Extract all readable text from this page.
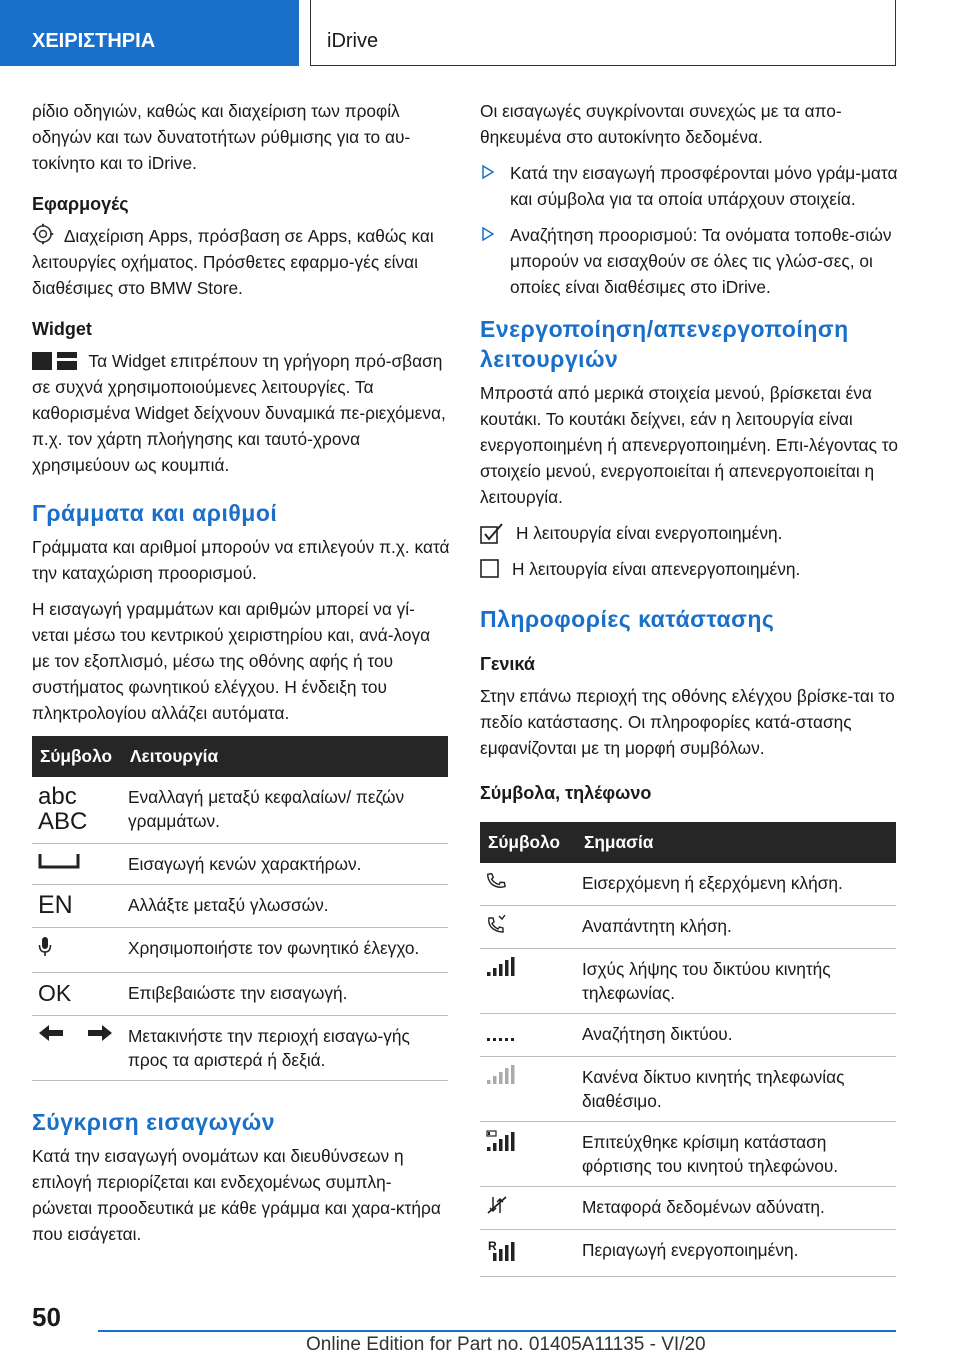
ΧΕΙΡΙΣΤΗΡΙΑ	iDrive

ρίδιο οδηγιών, καθώς και διαχείριση των προφίλ οδηγών και των δυνατοτήτων ρύθμισης για το αυ-τοκίνητο και το iDrive.

Εφαρμογές

Διαχείριση Apps, πρόσβαση σε Apps, καθώς και λειτουργίες οχήματος. Πρόσθετες εφαρμο-γές είναι διαθέσιμες στο BMW Store.

Widget

Τα Widget επιτρέπουν τη γρήγορη πρό-σβαση σε συχνά χρησιμοποιούμενες λειτουργίες. Τα καθορισμένα Widget δείχνουν δυναμικά πε-ριεχόμενα, π.χ. τον χάρτη πλοήγησης και ταυτό-χρονα χρησιμεύουν ως κουμπιά.

Γράμματα και αριθμοί

Γράμματα και αριθμοί μπορούν να επιλεγούν π.χ. κατά την καταχώριση προορισμού.

Η εισαγωγή γραμμάτων και αριθμών μπορεί να γί-νεται μέσω του κεντρικού χειριστηρίου και, ανά-λογα με τον εξοπλισμό, μέσω της οθόνης αφής ή του συστήματος φωνητικού ελέγχου. Η ένδειξη του πληκτρολογίου αλλάζει αυτόματα.

Σύμβολο	Λειτουργία

abc
ABC	Εναλλαγή μεταξύ κεφαλαίων/ πεζών γραμμάτων.
	Εισαγωγή κενών χαρακτήρων.
EN	Αλλάξτε μεταξύ γλωσσών.
	Χρησιμοποιήστε τον φωνητικό έλεγχο.
OK	Επιβεβαιώστε την εισαγωγή.
	Μετακινήστε την περιοχή εισαγω-γής προς τα αριστερά ή δεξιά.
Σύγκριση εισαγωγών

Κατά την εισαγωγή ονομάτων και διευθύνσεων η επιλογή περιορίζεται και ενδεχομένως συμπλη-ρώνεται προοδευτικά με κάθε γράμμα και χαρα-κτήρα που εισάγεται.

Οι εισαγωγές συγκρίνονται συνεχώς με τα απο-θηκευμένα στο αυτοκίνητο δεδομένα.

Κατά την εισαγωγή προσφέρονται μόνο γράμ-ματα και σύμβολα για τα οποία υπάρχουν στοιχεία.
Αναζήτηση προορισμού: Τα ονόματα τοποθε-σιών μπορούν να εισαχθούν σε όλες τις γλώσ-σες, οι οποίες είναι διαθέσιμες στο iDrive.
Ενεργοποίηση/απενεργοποίηση λειτουργιών

Μπροστά από μερικά στοιχεία μενού, βρίσκεται ένα κουτάκι. Το κουτάκι δείχνει, εάν η λειτουργία είναι ενεργοποιημένη ή απενεργοποιημένη. Επι-λέγοντας το στοιχείο μενού, ενεργοποιείται ή απενεργοποιείται η λειτουργία.

Η λειτουργία είναι ενεργοποιημένη.
Η λειτουργία είναι απενεργοποιημένη.
Πληροφορίες κατάστασης
Γενικά

Στην επάνω περιοχή της οθόνης ελέγχου βρίσκε-ται το πεδίο κατάστασης. Οι πληροφορίες κατά-στασης εμφανίζονται με τη μορφή συμβόλων.

Σύμβολα, τηλέφωνο
Σύμβολο	Σημασία
	Εισερχόμενη ή εξερχόμενη κλήση.
	Αναπάντητη κλήση.
	Ισχύς λήψης του δικτύου κινητής τηλεφωνίας.
	Αναζήτηση δικτύου.
	Κανένα δίκτυο κινητής τηλεφωνίας διαθέσιμο.
	Επιτεύχθηκε κρίσιμη κατάσταση φόρτισης του κινητού τηλεφώνου.
	Μεταφορά δεδομένων αδύνατη.

R	Περιαγωγή ενεργοποιημένη.
50
Online Edition for Part no. 01405A11135 - VI/20
